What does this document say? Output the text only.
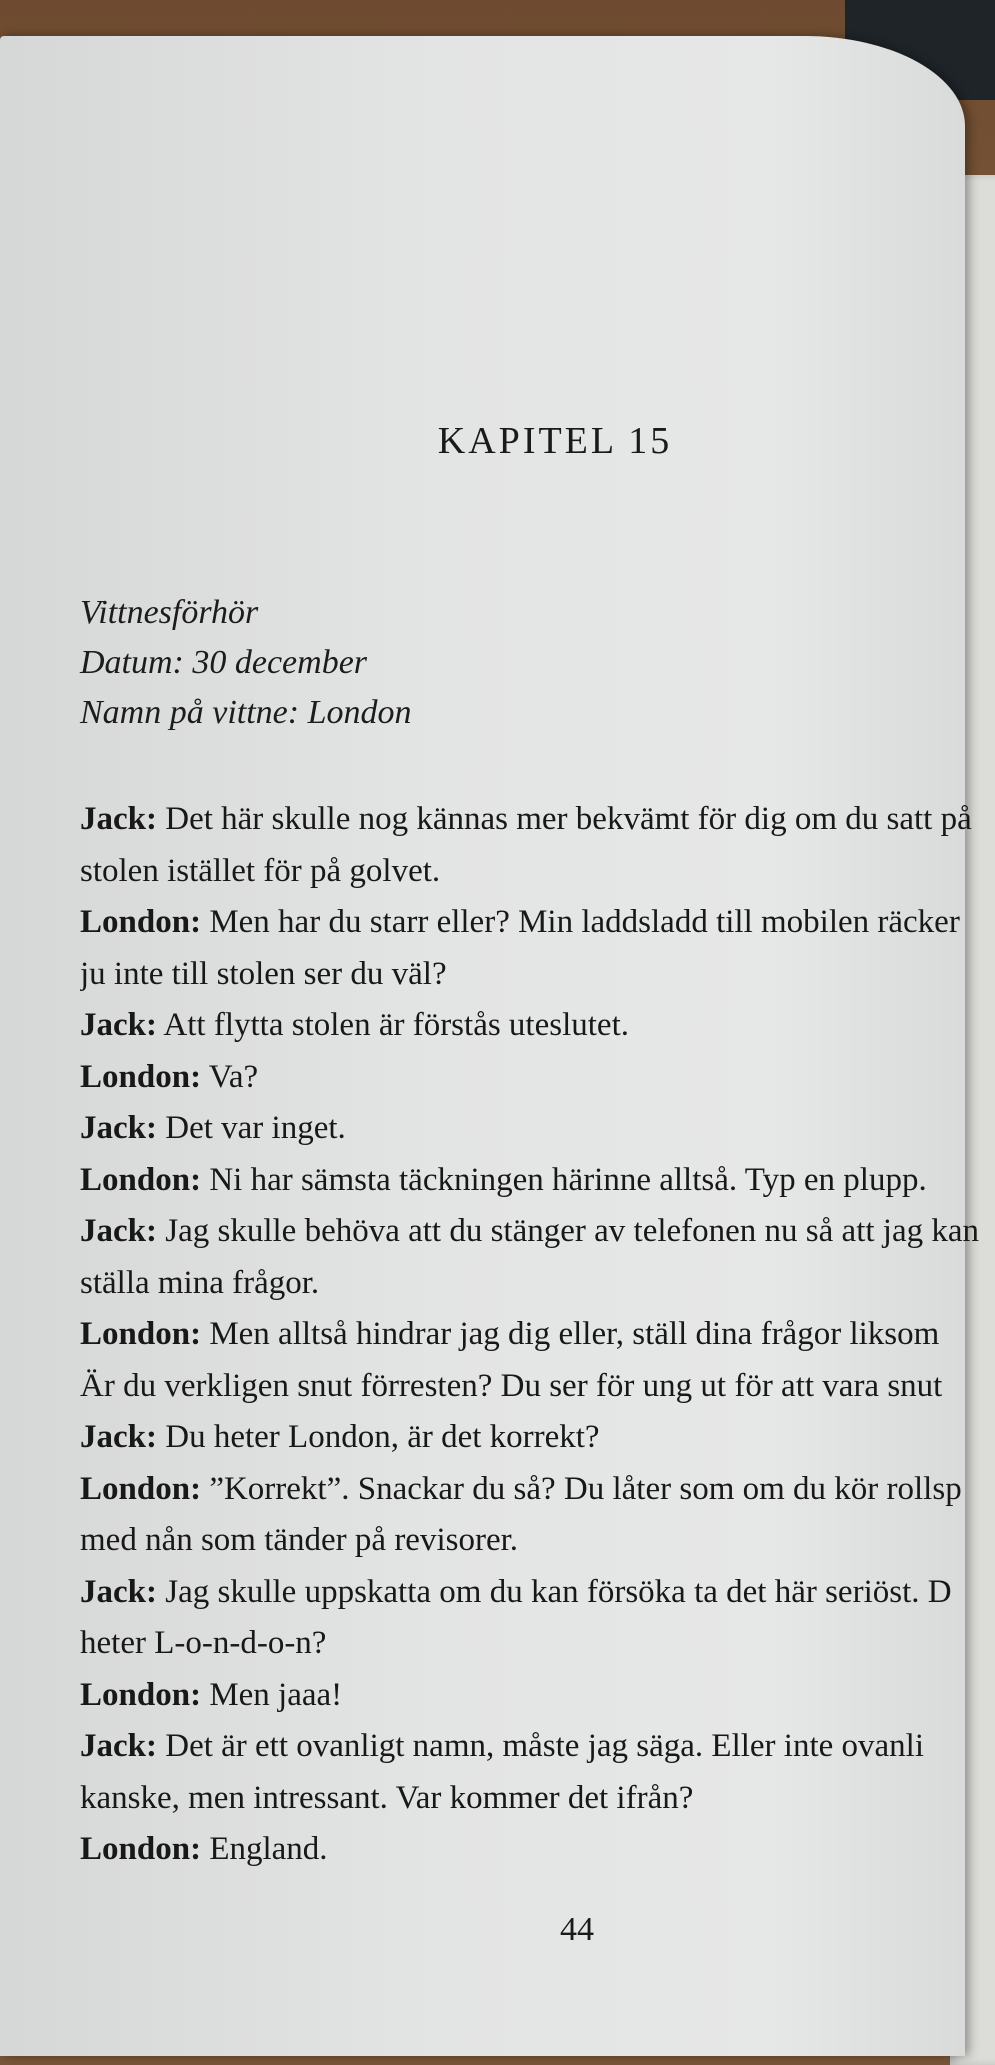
KAPITEL 15
Vittnesförhör
Datum: 30 december
Namn på vittne: London
Jack: Det här skulle nog kännas mer bekvämt för dig om du satt på
stolen istället för på golvet.
London: Men har du starr eller? Min laddsladd till mobilen räcker
ju inte till stolen ser du väl?
Jack: Att flytta stolen är förstås uteslutet.
London: Va?
Jack: Det var inget.
London: Ni har sämsta täckningen härinne alltså. Typ en plupp.
Jack: Jag skulle behöva att du stänger av telefonen nu så att jag kan
ställa mina frågor.
London: Men alltså hindrar jag dig eller, ställ dina frågor liksom
Är du verkligen snut förresten? Du ser för ung ut för att vara snut
Jack: Du heter London, är det korrekt?
London: ”Korrekt”. Snackar du så? Du låter som om du kör rollsp
med nån som tänder på revisorer.
Jack: Jag skulle uppskatta om du kan försöka ta det här seriöst. D
heter L-o-n-d-o-n?
London: Men jaaa!
Jack: Det är ett ovanligt namn, måste jag säga. Eller inte ovanli
kanske, men intressant. Var kommer det ifrån?
London: England.
44
